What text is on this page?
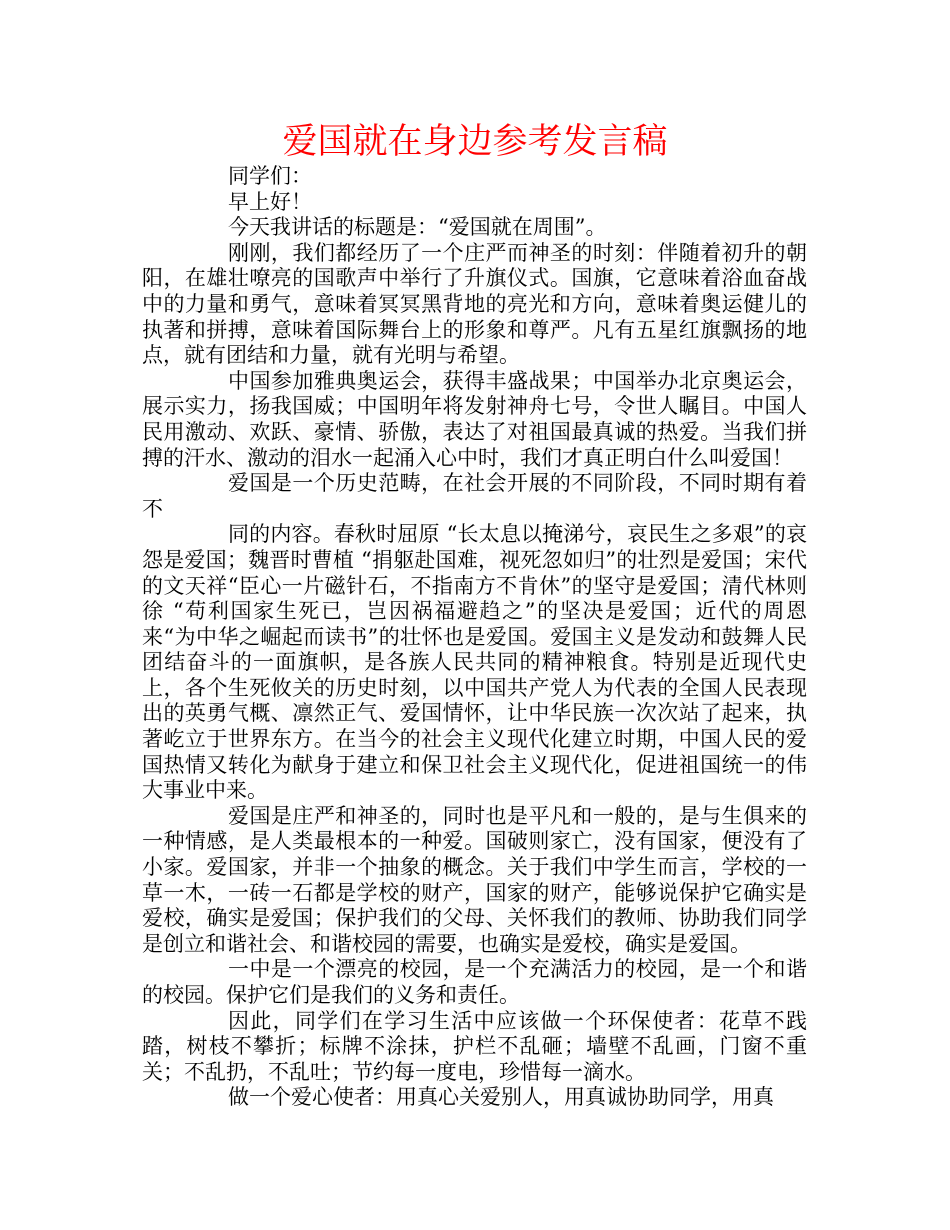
爱国就在身边参考发言稿

同学们：

早上好！

今天我讲话的标题是：“爱国就在周围”。

刚刚，我们都经历了一个庄严而神圣的时刻：伴随着初升的朝阳，在雄壮嘹亮的国歌声中举行了升旗仪式。国旗，它意味着浴血奋战中的力量和勇气，意味着冥冥黑背地的亮光和方向，意味着奥运健儿的执著和拼搏，意味着国际舞台上的形象和尊严。凡有五星红旗飘扬的地点，就有团结和力量，就有光明与希望。

中国参加雅典奥运会，获得丰盛战果；中国举办北京奥运会，展示实力，扬我国威；中国明年将发射神舟七号，令世人瞩目。中国人民用激动、欢跃、豪情、骄傲，表达了对祖国最真诚的热爱。当我们拼搏的汗水、激动的泪水一起涌入心中时，我们才真正明白什么叫爱国！

爱国是一个历史范畴，在社会开展的不同阶段，不同时期有着不

同的内容。春秋时屈原 “长太息以掩涕兮，哀民生之多艰”的哀怨是爱国；魏晋时曹植 “捐躯赴国难，视死忽如归”的壮烈是爱国；宋代的文天祥“臣心一片磁针石，不指南方不肯休”的坚守是爱国；清代林则徐 “苟利国家生死已，岂因祸福避趋之”的坚决是爱国；近代的周恩来“为中华之崛起而读书”的壮怀也是爱国。爱国主义是发动和鼓舞人民团结奋斗的一面旗帜，是各族人民共同的精神粮食。特别是近现代史上，各个生死攸关的历史时刻，以中国共产党人为代表的全国人民表现出的英勇气概、凛然正气、爱国情怀，让中华民族一次次站了起来，执著屹立于世界东方。在当今的社会主义现代化建立时期，中国人民的爱国热情又转化为献身于建立和保卫社会主义现代化，促进祖国统一的伟大事业中来。

爱国是庄严和神圣的，同时也是平凡和一般的，是与生俱来的一种情感，是人类最根本的一种爱。国破则家亡，没有国家，便没有了小家。爱国家，并非一个抽象的概念。关于我们中学生而言，学校的一草一木，一砖一石都是学校的财产，国家的财产，能够说保护它确实是爱校，确实是爱国；保护我们的父母、关怀我们的教师、协助我们同学是创立和谐社会、和谐校园的需要，也确实是爱校，确实是爱国。

一中是一个漂亮的校园，是一个充满活力的校园，是一个和谐的校园。保护它们是我们的义务和责任。

因此，同学们在学习生活中应该做一个环保使者：花草不践踏，树枝不攀折；标牌不涂抹，护栏不乱砸；墙壁不乱画，门窗不重关；不乱扔，不乱吐；节约每一度电，珍惜每一滴水。

做一个爱心使者：用真心关爱别人，用真诚协助同学，用真
